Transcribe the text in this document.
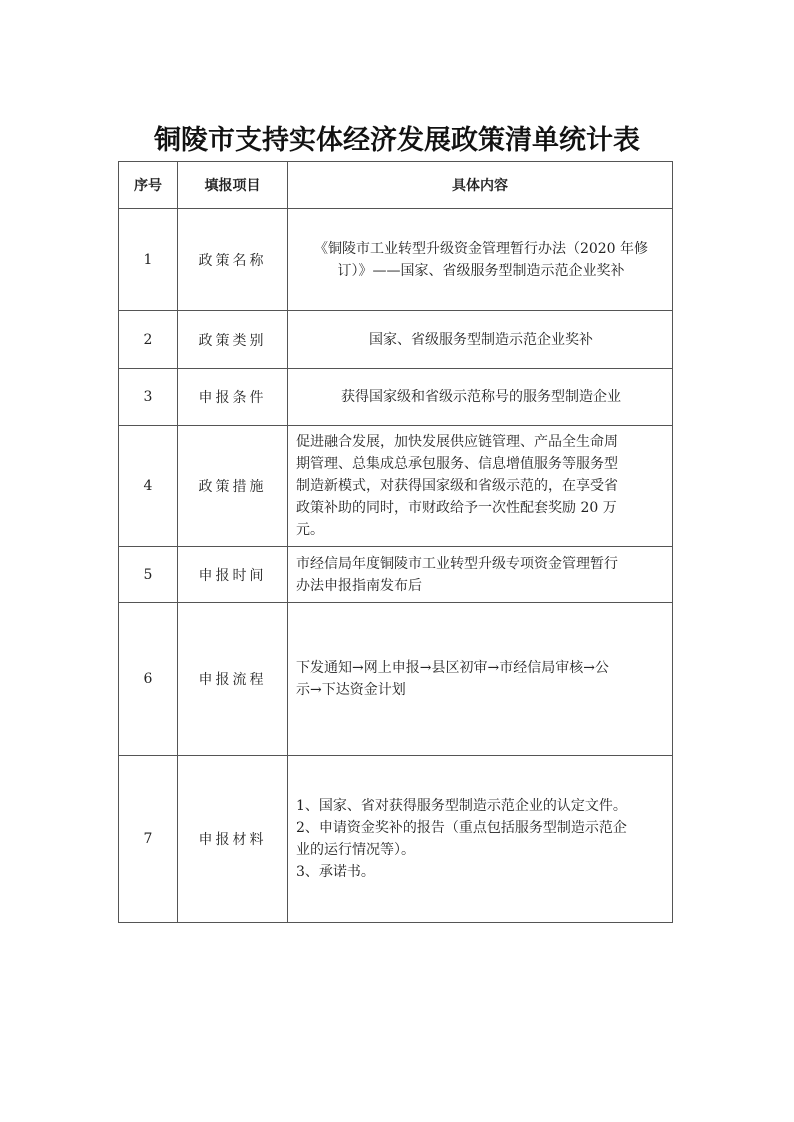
铜陵市支持实体经济发展政策清单统计表
序号	填报项目	具体内容
1	政策名称	《铜陵市工业转型升级资金管理暂行办法（2020 年修
订）》——国家、省级服务型制造示范企业奖补

2	政策类别	国家、省级服务型制造示范企业奖补

3	申报条件	获得国家级和省级示范称号的服务型制造企业

4	政策措施	促进融合发展，加快发展供应链管理、产品全生命周
期管理、总集成总承包服务、信息增值服务等服务型
制造新模式，对获得国家级和省级示范的，在享受省
政策补助的同时，市财政给予一次性配套奖励 20 万
元。

5	申报时间	市经信局年度铜陵市工业转型升级专项资金管理暂行
办法申报指南发布后

6	申报流程	下发通知→网上申报→县区初审→市经信局审核→公
示→下达资金计划

7	申报材料	1、国家、省对获得服务型制造示范企业的认定文件。
2、申请资金奖补的报告（重点包括服务型制造示范企
业的运行情况等）。
3、承诺书。
